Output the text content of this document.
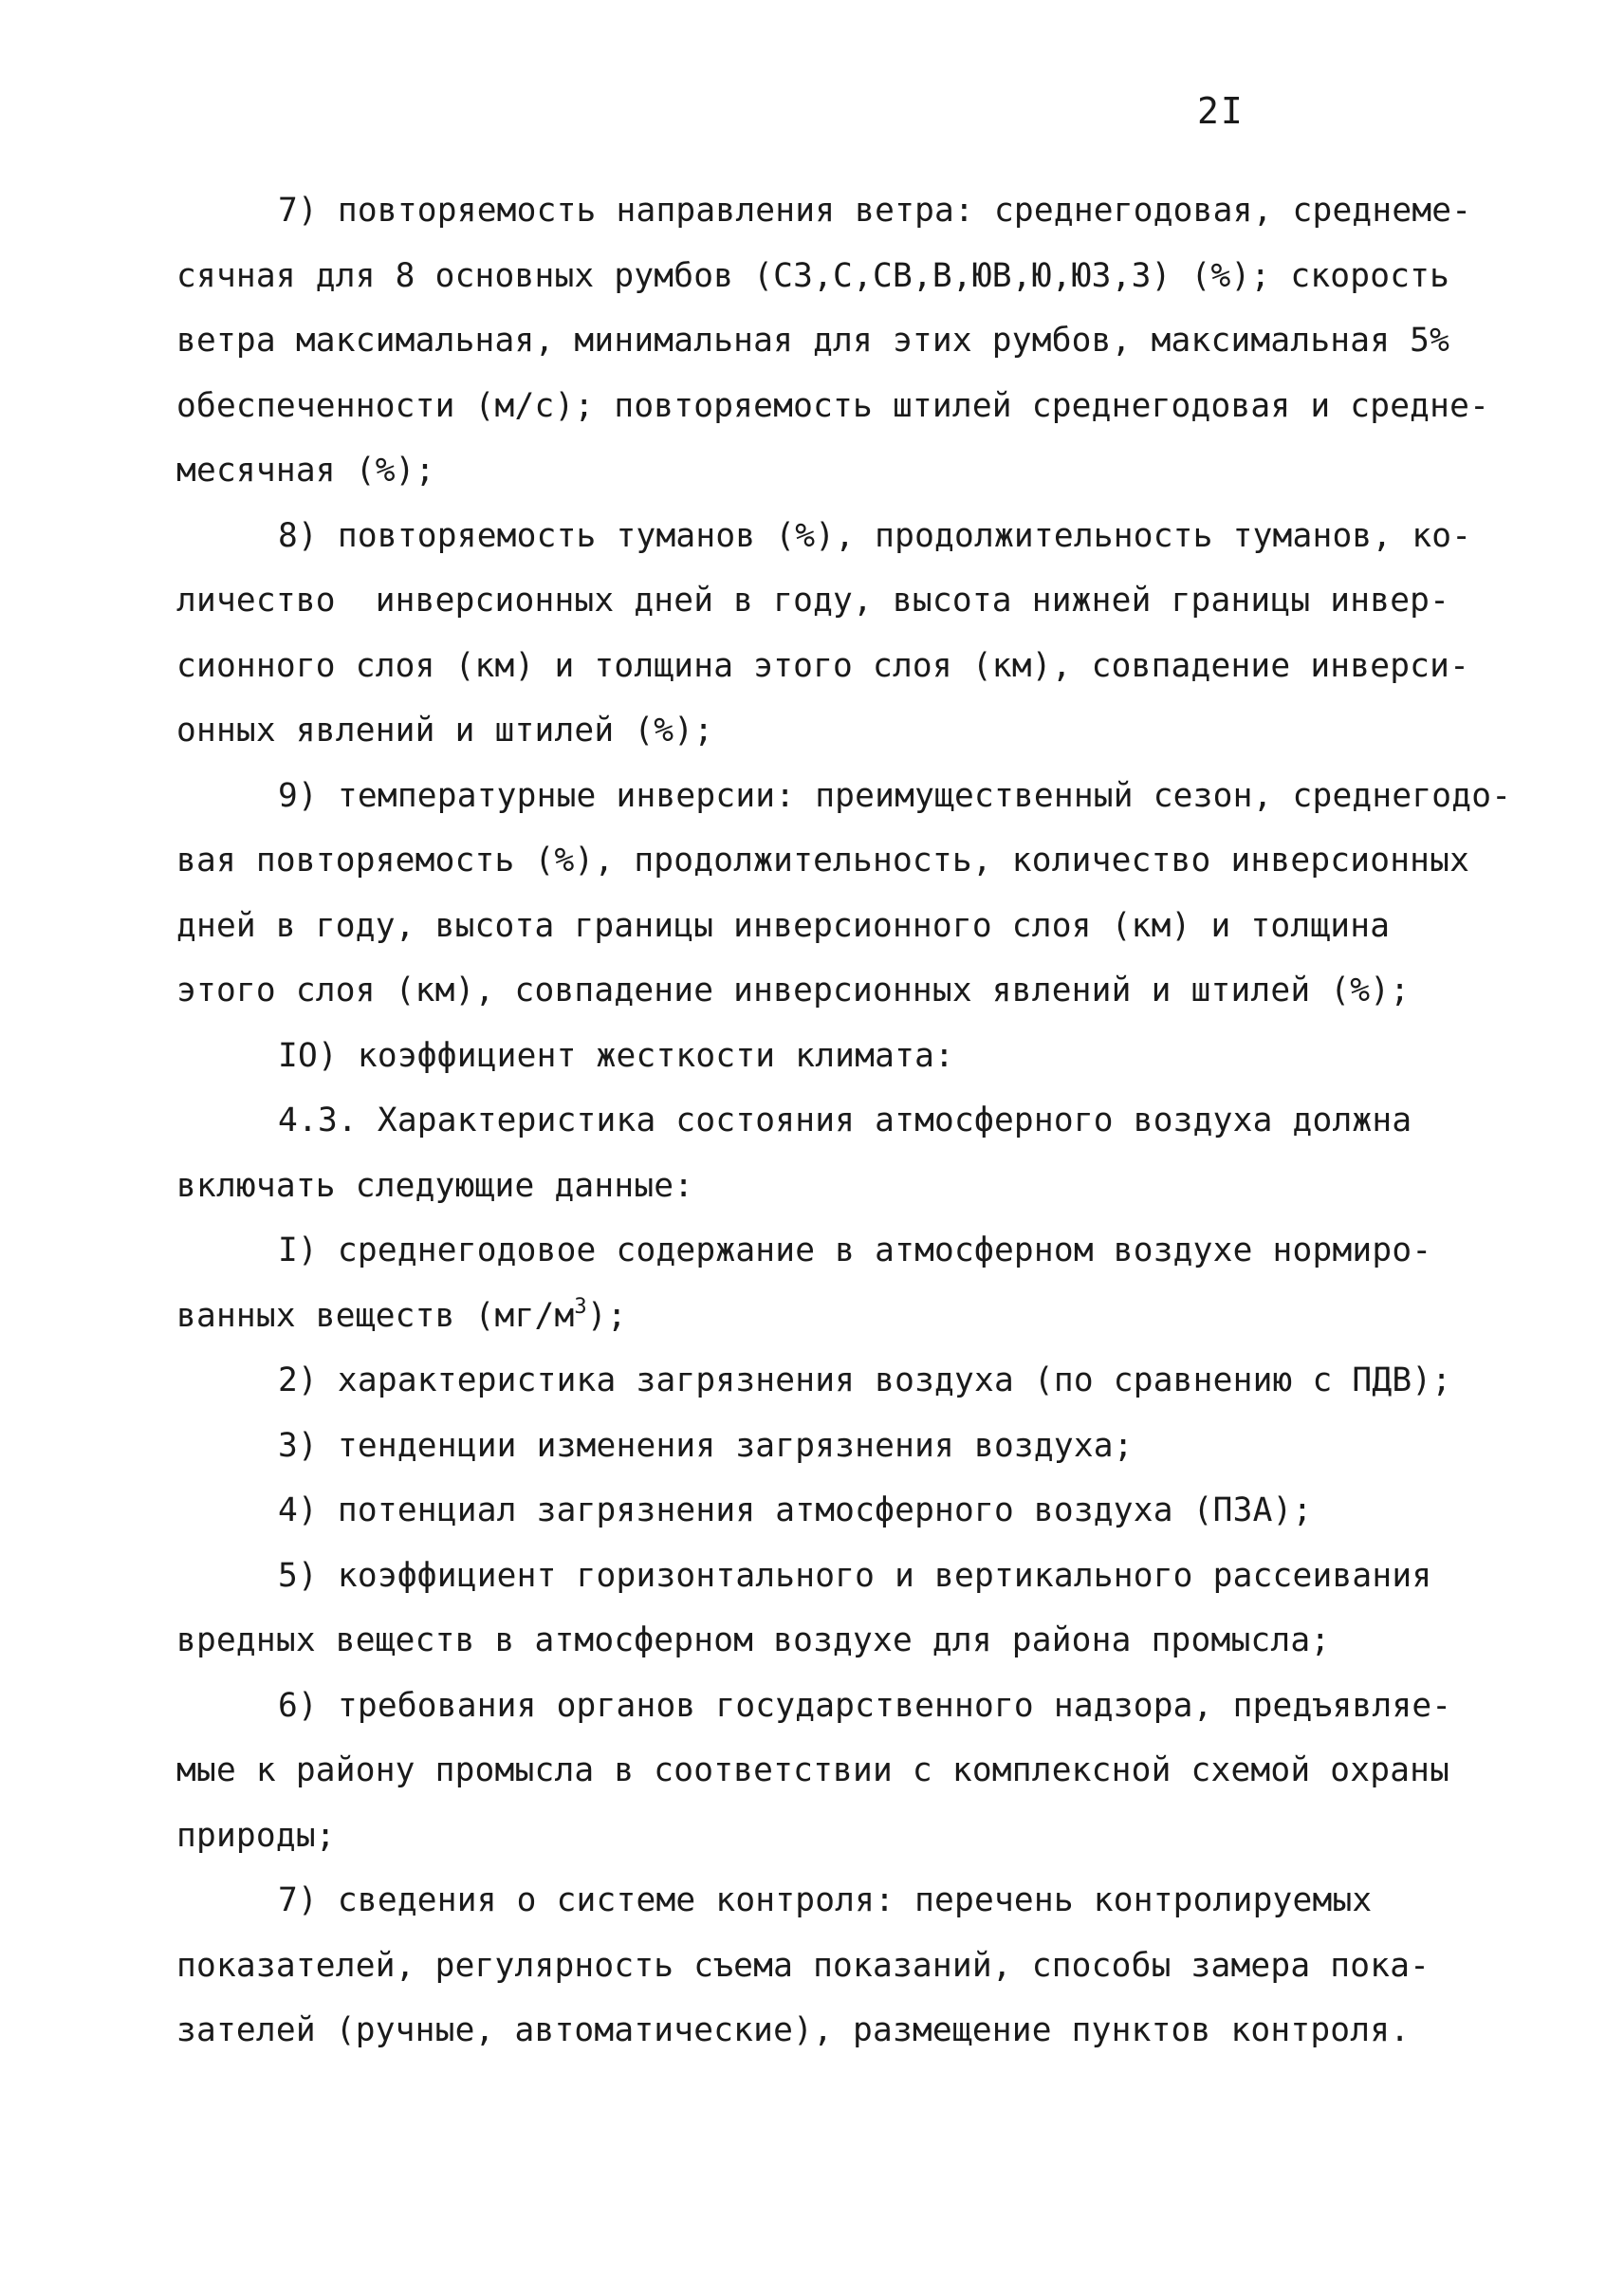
2I

7) повторяемость направления ветра: среднегодовая, среднеме-
сячная для 8 основных румбов (СЗ,С,СВ,В,ЮВ,Ю,ЮЗ,З) (%); скорость
ветра максимальная, минимальная для этих румбов, максимальная 5%
обеспеченности (м/с); повторяемость штилей среднегодовая и средне-
месячная (%);

8) повторяемость туманов (%), продолжительность туманов, ко-
личество  инверсионных дней в году, высота нижней границы инвер-
сионного слоя (км) и толщина этого слоя (км), совпадение инверси-
онных явлений и штилей (%);

9) температурные инверсии: преимущественный сезон, среднегодо-
вая повторяемость (%), продолжительность, количество инверсионных
дней в году, высота границы инверсионного слоя (км) и толщина
этого слоя (км), совпадение инверсионных явлений и штилей (%);

IO) коэффициент жесткости климата:

4.3. Характеристика состояния атмосферного воздуха должна
включать следующие данные:

I) среднегодовое содержание в атмосферном воздухе нормиро-
ванных веществ $(мг/м^3)$;

2) характеристика загрязнения воздуха (по сравнению с ПДВ);

3) тенденции изменения загрязнения воздуха;

4) потенциал загрязнения атмосферного воздуха (ПЗА);

5) коэффициент горизонтального и вертикального рассеивания
вредных веществ в атмосферном воздухе для района промысла;

6) требования органов государственного надзора, предъявляе-
мые к району промысла в соответствии с комплексной схемой охраны
природы;

7) сведения о системе контроля: перечень контролируемых
показателей, регулярность съема показаний, способы замера пока-
зателей (ручные, автоматические), размещение пунктов контроля.
